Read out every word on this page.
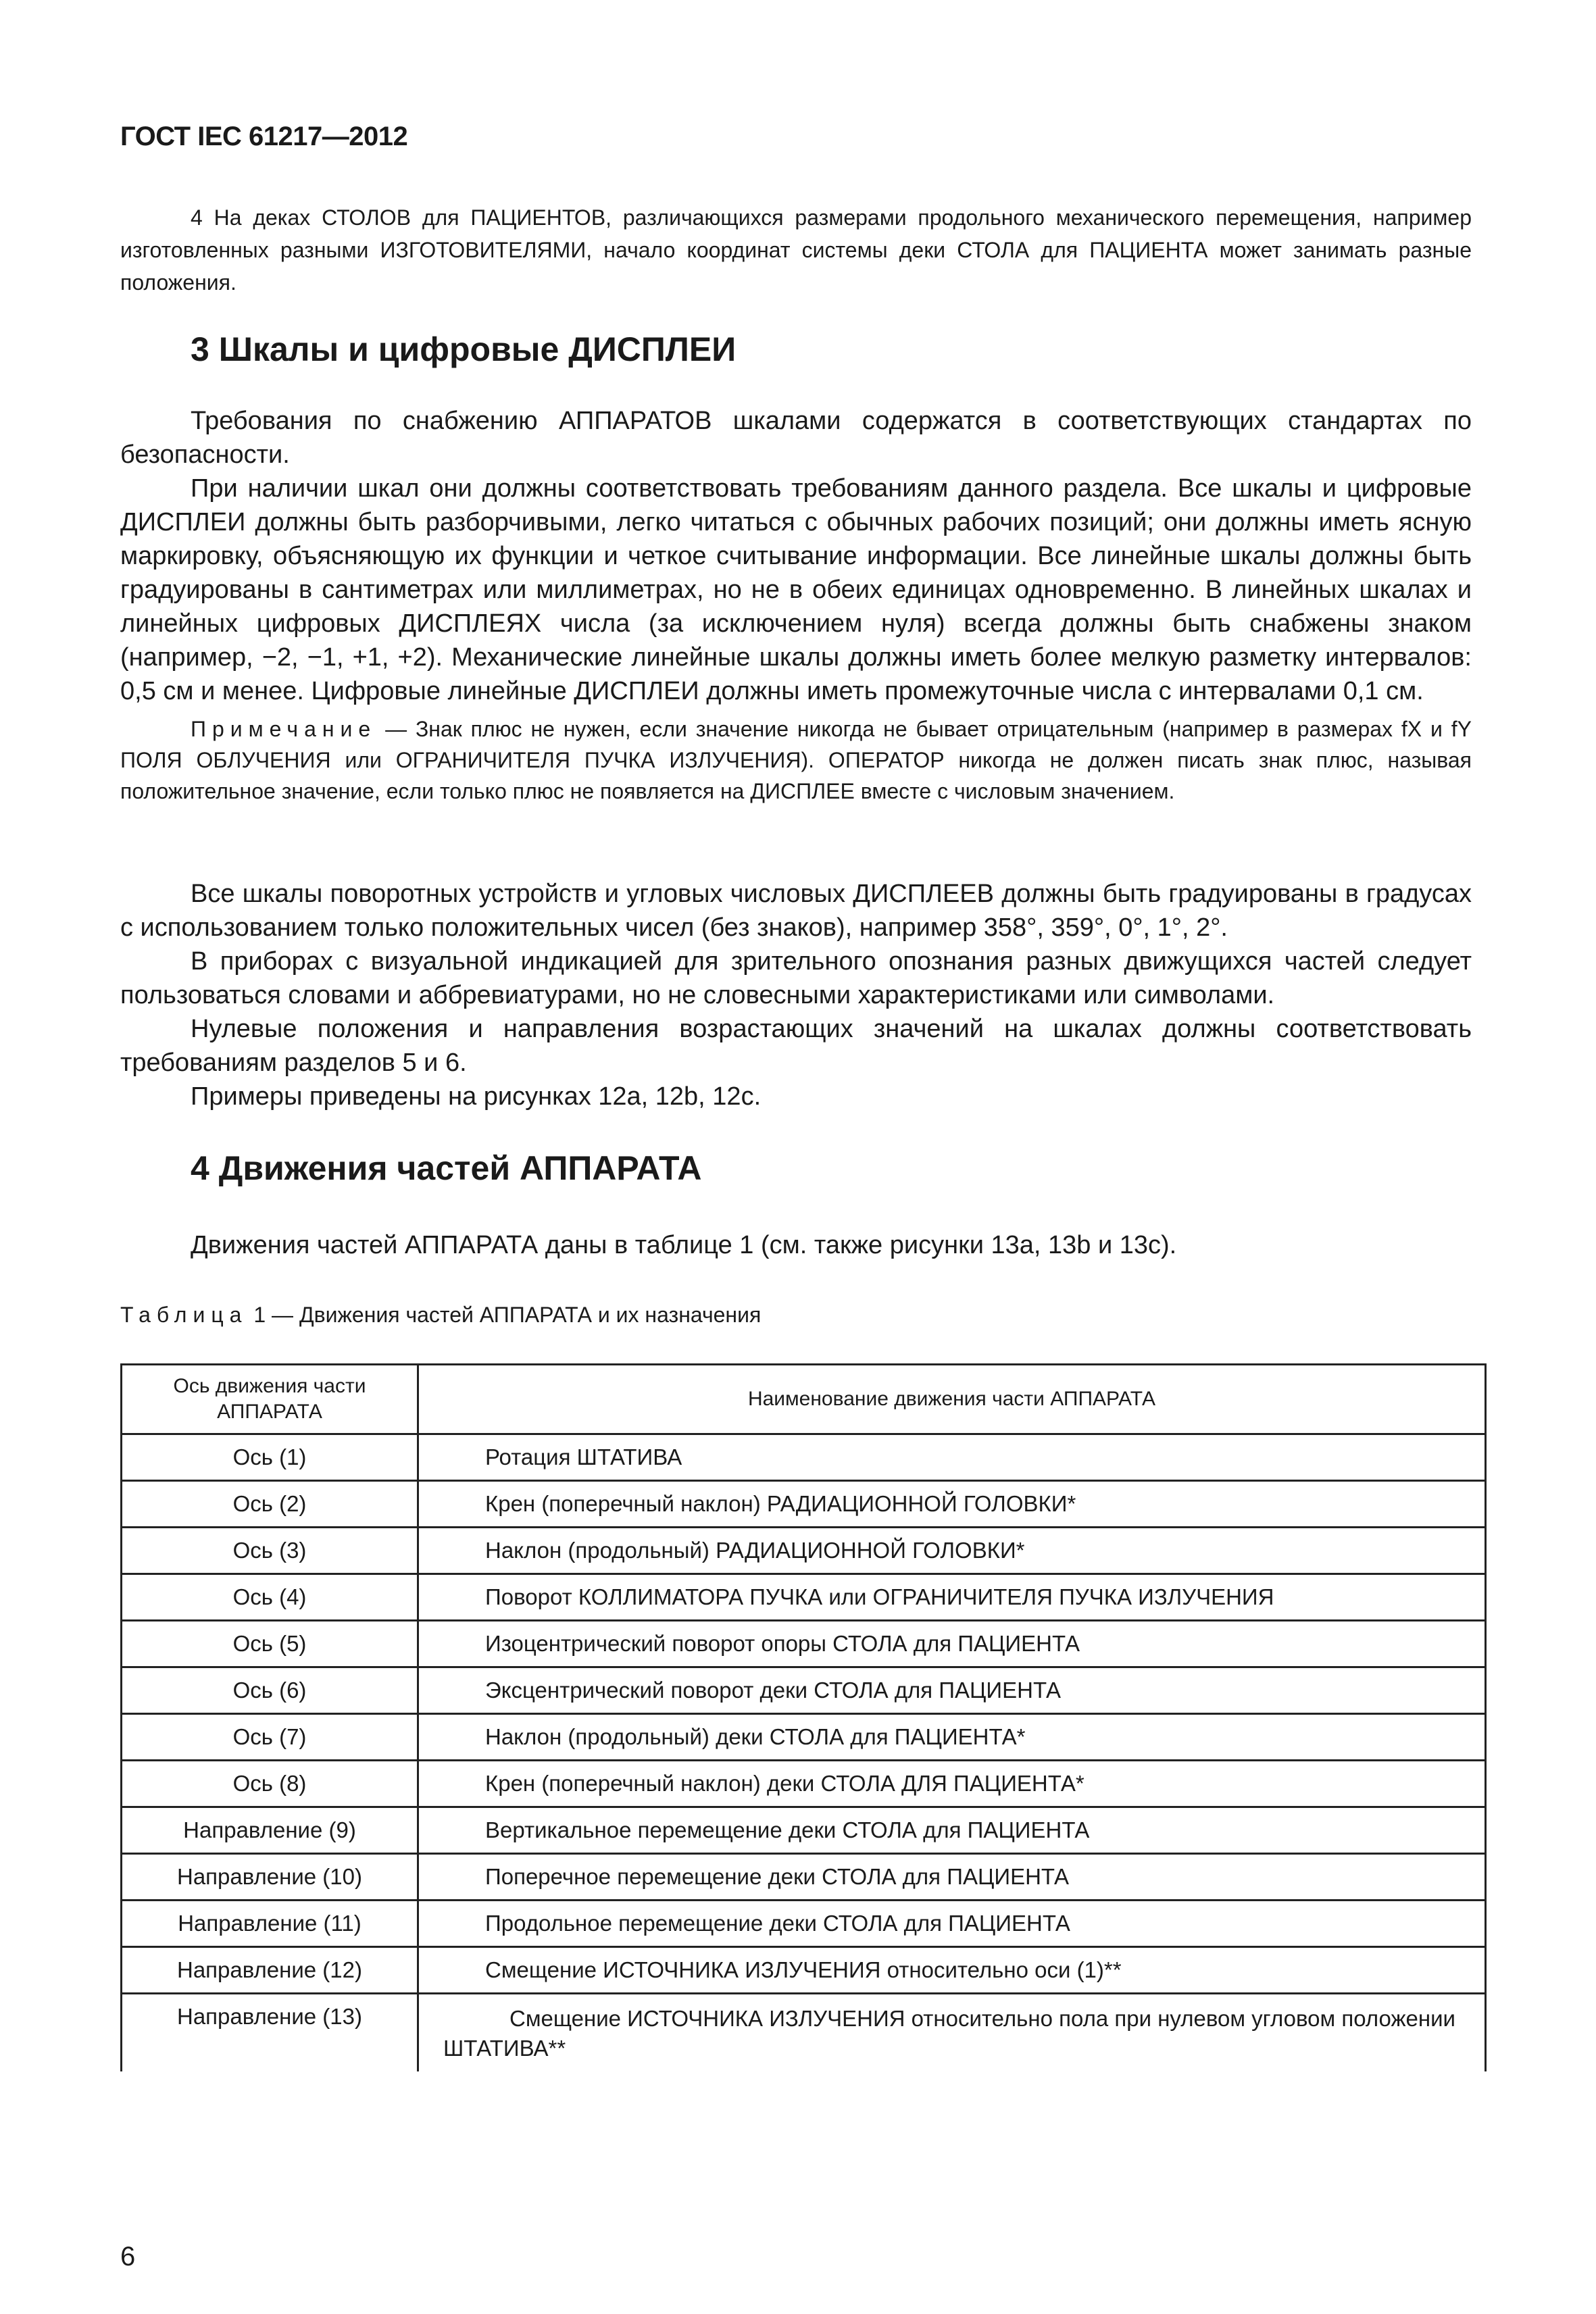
ГОСТ IEC 61217—2012
4 На деках СТОЛОВ для ПАЦИЕНТОВ, различающихся размерами продольного механического перемещения, например изготовленных разными ИЗГОТОВИТЕЛЯМИ, начало координат системы деки СТОЛА для ПАЦИЕНТА может занимать разные положения.
3 Шкалы и цифровые ДИСПЛЕИ

Требования по снабжению АППАРАТОВ шкалами содержатся в соответствующих стандартах по безопасности.

При наличии шкал они должны соответствовать требованиям данного раздела. Все шкалы и цифровые ДИСПЛЕИ должны быть разборчивыми, легко читаться с обычных рабочих позиций; они должны иметь ясную маркировку, объясняющую их функции и четкое считывание информации. Все линейные шкалы должны быть градуированы в сантиметрах или миллиметрах, но не в обеих единицах одновременно. В линейных шкалах и линейных цифровых ДИСПЛЕЯХ числа (за исключением нуля) всегда должны быть снабжены знаком (например, −2, −1, +1, +2). Механические линейные шкалы должны иметь более мелкую разметку интервалов: 0,5 см и менее. Цифровые линейные ДИСПЛЕИ должны иметь промежуточные числа с интервалами 0,1 см.

Примечание — Знак плюс не нужен, если значение никогда не бывает отрицательным (например в размерах fX и fY ПОЛЯ ОБЛУЧЕНИЯ или ОГРАНИЧИТЕЛЯ ПУЧКА ИЗЛУЧЕНИЯ). ОПЕРАТОР никогда не должен писать знак плюс, называя положительное значение, если только плюс не появляется на ДИСПЛЕЕ вместе с числовым значением.

Все шкалы поворотных устройств и угловых числовых ДИСПЛЕЕВ должны быть градуированы в градусах с использованием только положительных чисел (без знаков), например 358°, 359°, 0°, 1°, 2°.

В приборах с визуальной индикацией для зрительного опознания разных движущихся частей следует пользоваться словами и аббревиатурами, но не словесными характеристиками или символами.

Нулевые положения и направления возрастающих значений на шкалах должны соответствовать требованиям разделов 5 и 6.

Примеры приведены на рисунках 12a, 12b, 12c.

4 Движения частей АППАРАТА

Движения частей АППАРАТА даны в таблице 1 (см. также рисунки 13а, 13b и 13с).

Таблица 1 — Движения частей АППАРАТА и их назначения
Ось движения части АППАРАТА	Наименование движения части АППАРАТА
Ось (1)	Ротация ШТАТИВА
Ось (2)	Крен (поперечный наклон) РАДИАЦИОННОЙ ГОЛОВКИ*
Ось (3)	Наклон (продольный) РАДИАЦИОННОЙ ГОЛОВКИ*
Ось (4)	Поворот КОЛЛИМАТОРА ПУЧКА или ОГРАНИЧИТЕЛЯ ПУЧКА ИЗЛУЧЕНИЯ
Ось (5)	Изоцентрический поворот опоры СТОЛА для ПАЦИЕНТА
Ось (6)	Эксцентрический поворот деки СТОЛА для ПАЦИЕНТА
Ось (7)	Наклон (продольный) деки СТОЛА для ПАЦИЕНТА*
Ось (8)	Крен (поперечный наклон) деки СТОЛА ДЛЯ ПАЦИЕНТА*
Направление (9)	Вертикальное перемещение деки СТОЛА для ПАЦИЕНТА
Направление (10)	Поперечное перемещение деки СТОЛА для ПАЦИЕНТА
Направление (11)	Продольное перемещение деки СТОЛА для ПАЦИЕНТА
Направление (12)	Смещение ИСТОЧНИКА ИЗЛУЧЕНИЯ относительно оси (1)**
Направление (13)	Смещение ИСТОЧНИКА ИЗЛУЧЕНИЯ относительно пола при нулевом угловом положении ШТАТИВА**
6
